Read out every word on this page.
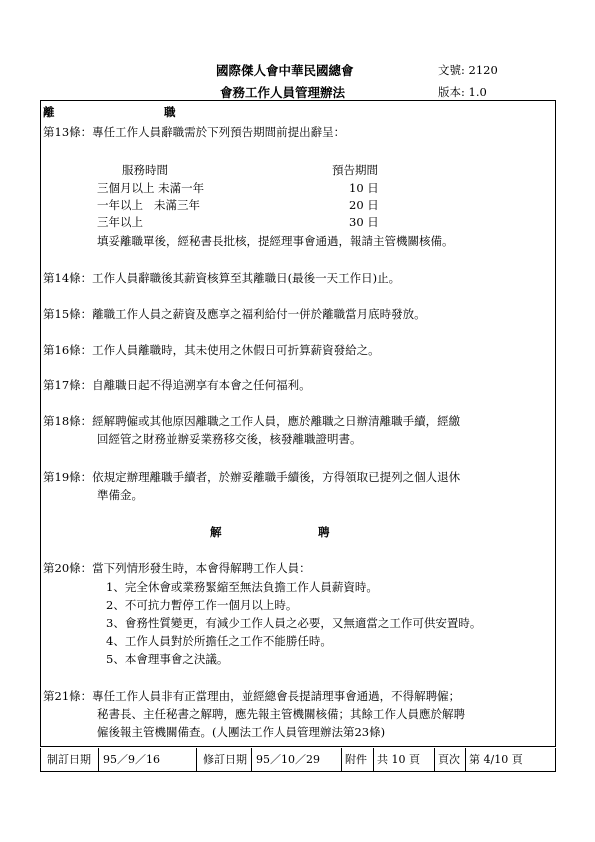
國際傑人會中華民國總會
會務工作人員管理辦法
文號: 2120
版本: 1.0
離	職
第13條：專任工作人員辭職需於下列預告期間前提出辭呈：
服務時間	預告期間
三個月以上 未滿一年	10 日
一年以上   未滿三年	20 日
三年以上	30 日
填妥離職單後，經秘書長批核，提經理事會通過，報請主管機關核備。
第14條：工作人員辭職後其薪資核算至其離職日(最後一天工作日)止。
第15條：離職工作人員之薪資及應享之福利給付一併於離職當月底時發放。
第16條：工作人員離職時，其未使用之休假日可折算薪資發給之。
第17條：自離職日起不得追溯享有本會之任何福利。
第18條：經解聘僱或其他原因離職之工作人員，應於離職之日辦清離職手續，經繳
回經管之財務並辦妥業務移交後，核發離職證明書。
第19條：依規定辦理離職手續者，於辦妥離職手續後，方得領取已提列之個人退休
準備金。
解	聘
第20條：當下列情形發生時，本會得解聘工作人員：
1、完全休會或業務緊縮至無法負擔工作人員薪資時。
2、不可抗力暫停工作一個月以上時。
3、會務性質變更，有減少工作人員之必要，又無適當之工作可供安置時。
4、工作人員對於所擔任之工作不能勝任時。
5、本會理事會之決議。
第21條：專任工作人員非有正當理由，並經總會長提請理事會通過，不得解聘僱；
秘書長、主任秘書之解聘，應先報主管機關核備；其餘工作人員應於解聘
僱後報主管機關備查。(人團法工作人員管理辦法第23條)
制訂日期 95／9／16	修訂日期 95／10／29 附件 共 10 頁 頁次 第 4/10 頁
